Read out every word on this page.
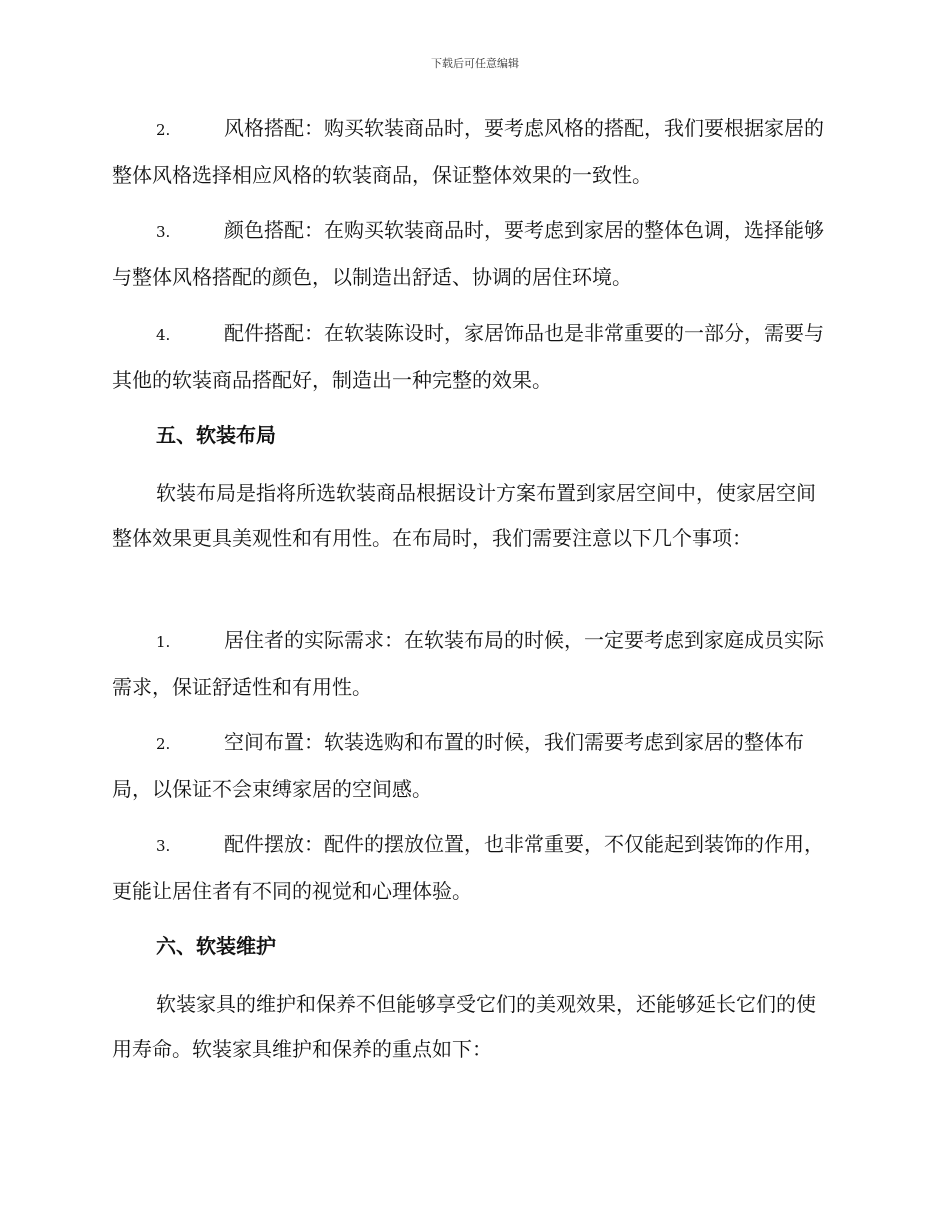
下载后可任意编辑
2.	风格搭配：购买软装商品时，要考虑风格的搭配，我们要根据家居的整体风格选择相应风格的软装商品，保证整体效果的一致性。
3.	颜色搭配：在购买软装商品时，要考虑到家居的整体色调，选择能够与整体风格搭配的颜色，以制造出舒适、协调的居住环境。
4.	配件搭配：在软装陈设时，家居饰品也是非常重要的一部分，需要与其他的软装商品搭配好，制造出一种完整的效果。
五、软装布局
软装布局是指将所选软装商品根据设计方案布置到家居空间中，使家居空间整体效果更具美观性和有用性。在布局时，我们需要注意以下几个事项：
1.	居住者的实际需求：在软装布局的时候，一定要考虑到家庭成员实际需求，保证舒适性和有用性。
2.	空间布置：软装选购和布置的时候，我们需要考虑到家居的整体布局，以保证不会束缚家居的空间感。
3.	配件摆放：配件的摆放位置，也非常重要，不仅能起到装饰的作用，更能让居住者有不同的视觉和心理体验。
六、软装维护
软装家具的维护和保养不但能够享受它们的美观效果，还能够延长它们的使用寿命。软装家具维护和保养的重点如下：
